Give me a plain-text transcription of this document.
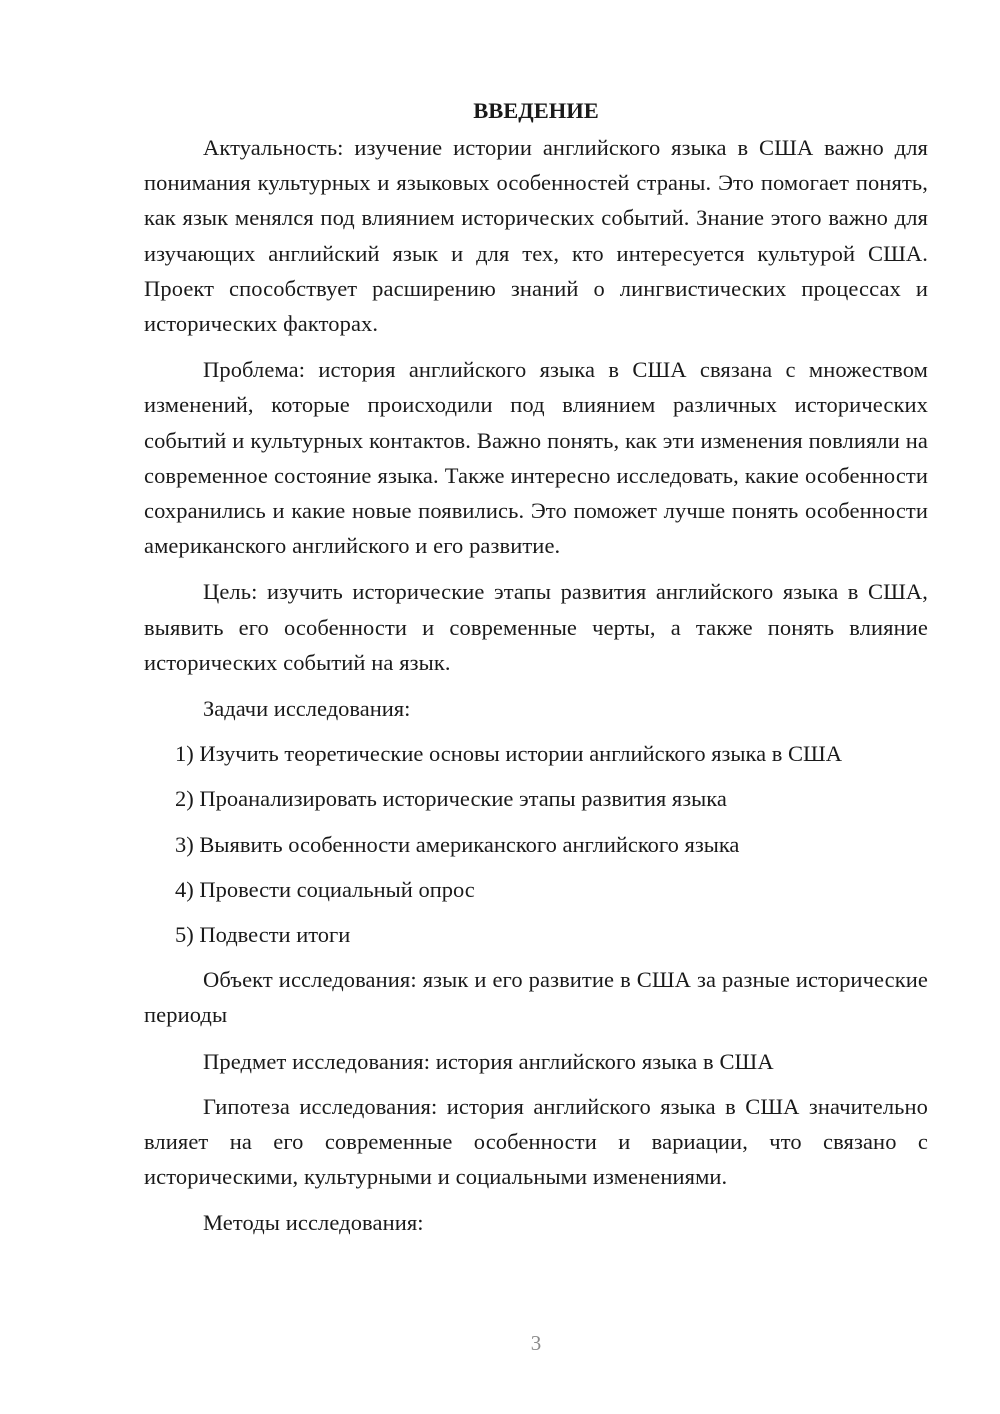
ВВЕДЕНИЕ

Актуальность: изучение истории английского языка в США важно для понимания культурных и языковых особенностей страны. Это помогает понять, как язык менялся под влиянием исторических событий. Знание этого важно для изучающих английский язык и для тех, кто интересуется культурой США. Проект способствует расширению знаний о лингвистических процессах и исторических факторах.

Проблема: история английского языка в США связана с множеством изменений, которые происходили под влиянием различных исторических событий и культурных контактов. Важно понять, как эти изменения повлияли на современное состояние языка. Также интересно исследовать, какие особенности сохранились и какие новые появились. Это поможет лучше понять особенности американского английского и его развитие.

Цель: изучить исторические этапы развития английского языка в США, выявить его особенности и современные черты, а также понять влияние исторических событий на язык.

Задачи исследования:

1) Изучить теоретические основы истории английского языка в США
2) Проанализировать исторические этапы развития языка
3) Выявить особенности американского английского языка
4) Провести социальный опрос
5) Подвести итоги

Объект исследования: язык и его развитие в США за разные исторические периоды

Предмет исследования: история английского языка в США

Гипотеза исследования: история английского языка в США значительно влияет на его современные особенности и вариации, что связано с историческими, культурными и социальными изменениями.

Методы исследования:

3
